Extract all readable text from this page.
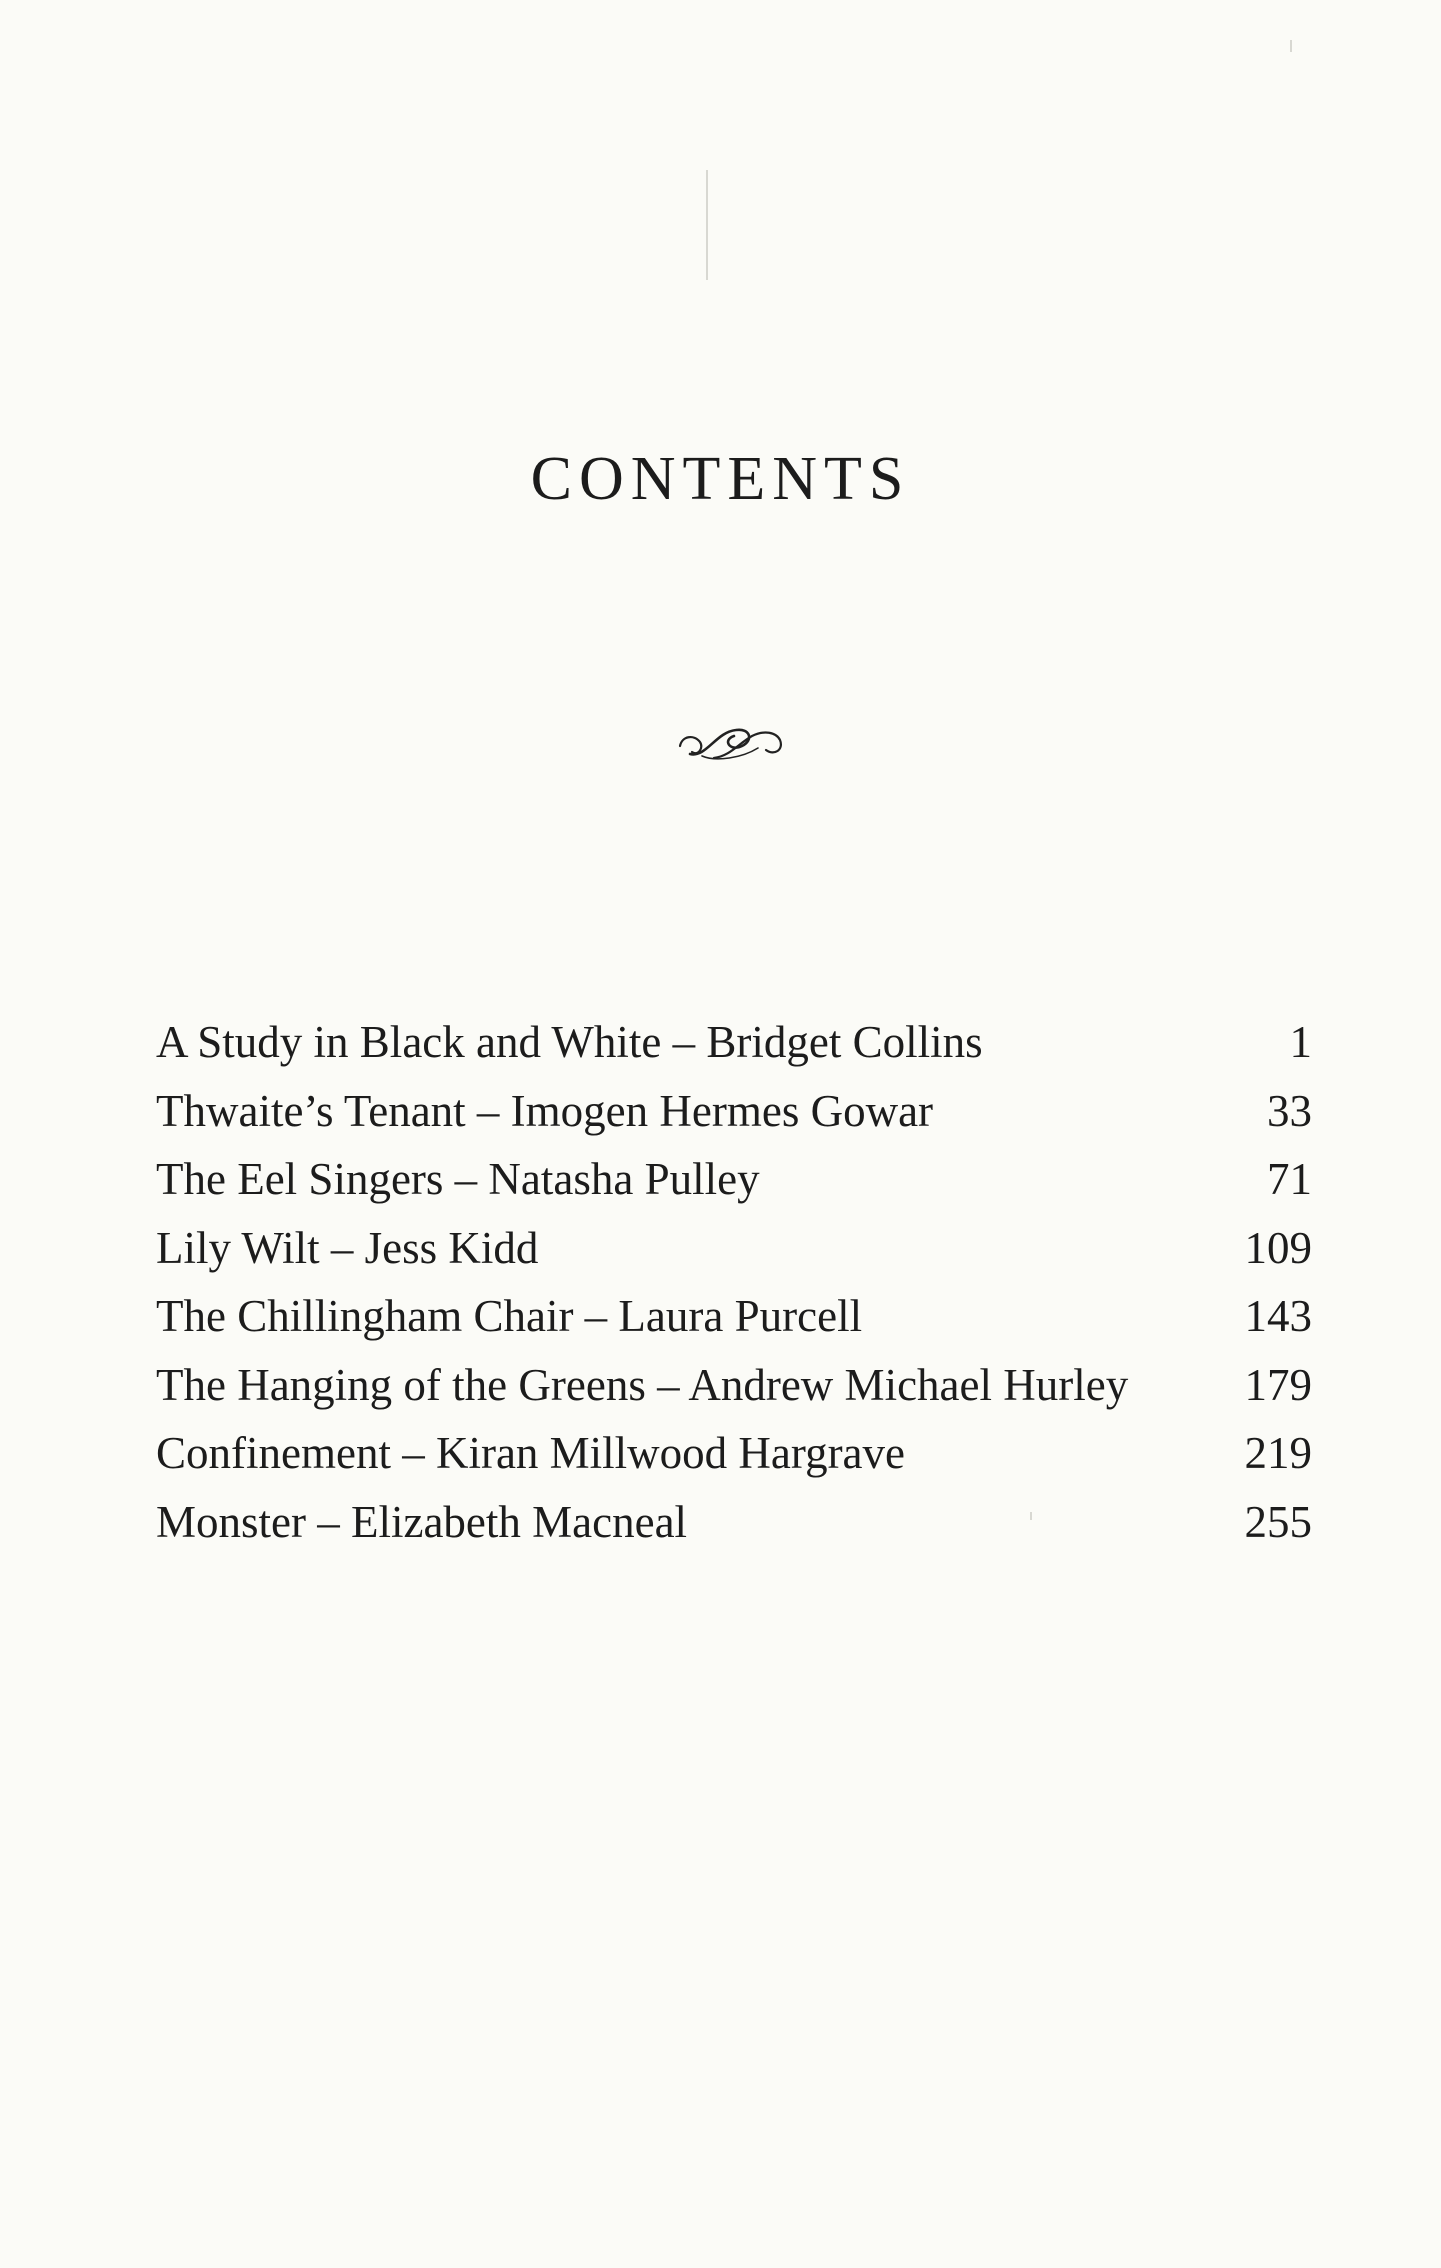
CONTENTS
A Study in Black and White – Bridget Collins	1
Thwaite’s Tenant – Imogen Hermes Gowar	33
The Eel Singers – Natasha Pulley	71
Lily Wilt – Jess Kidd	109
The Chillingham Chair – Laura Purcell	143
The Hanging of the Greens – Andrew Michael Hurley	179
Confinement – Kiran Millwood Hargrave	219
Monster – Elizabeth Macneal	255
